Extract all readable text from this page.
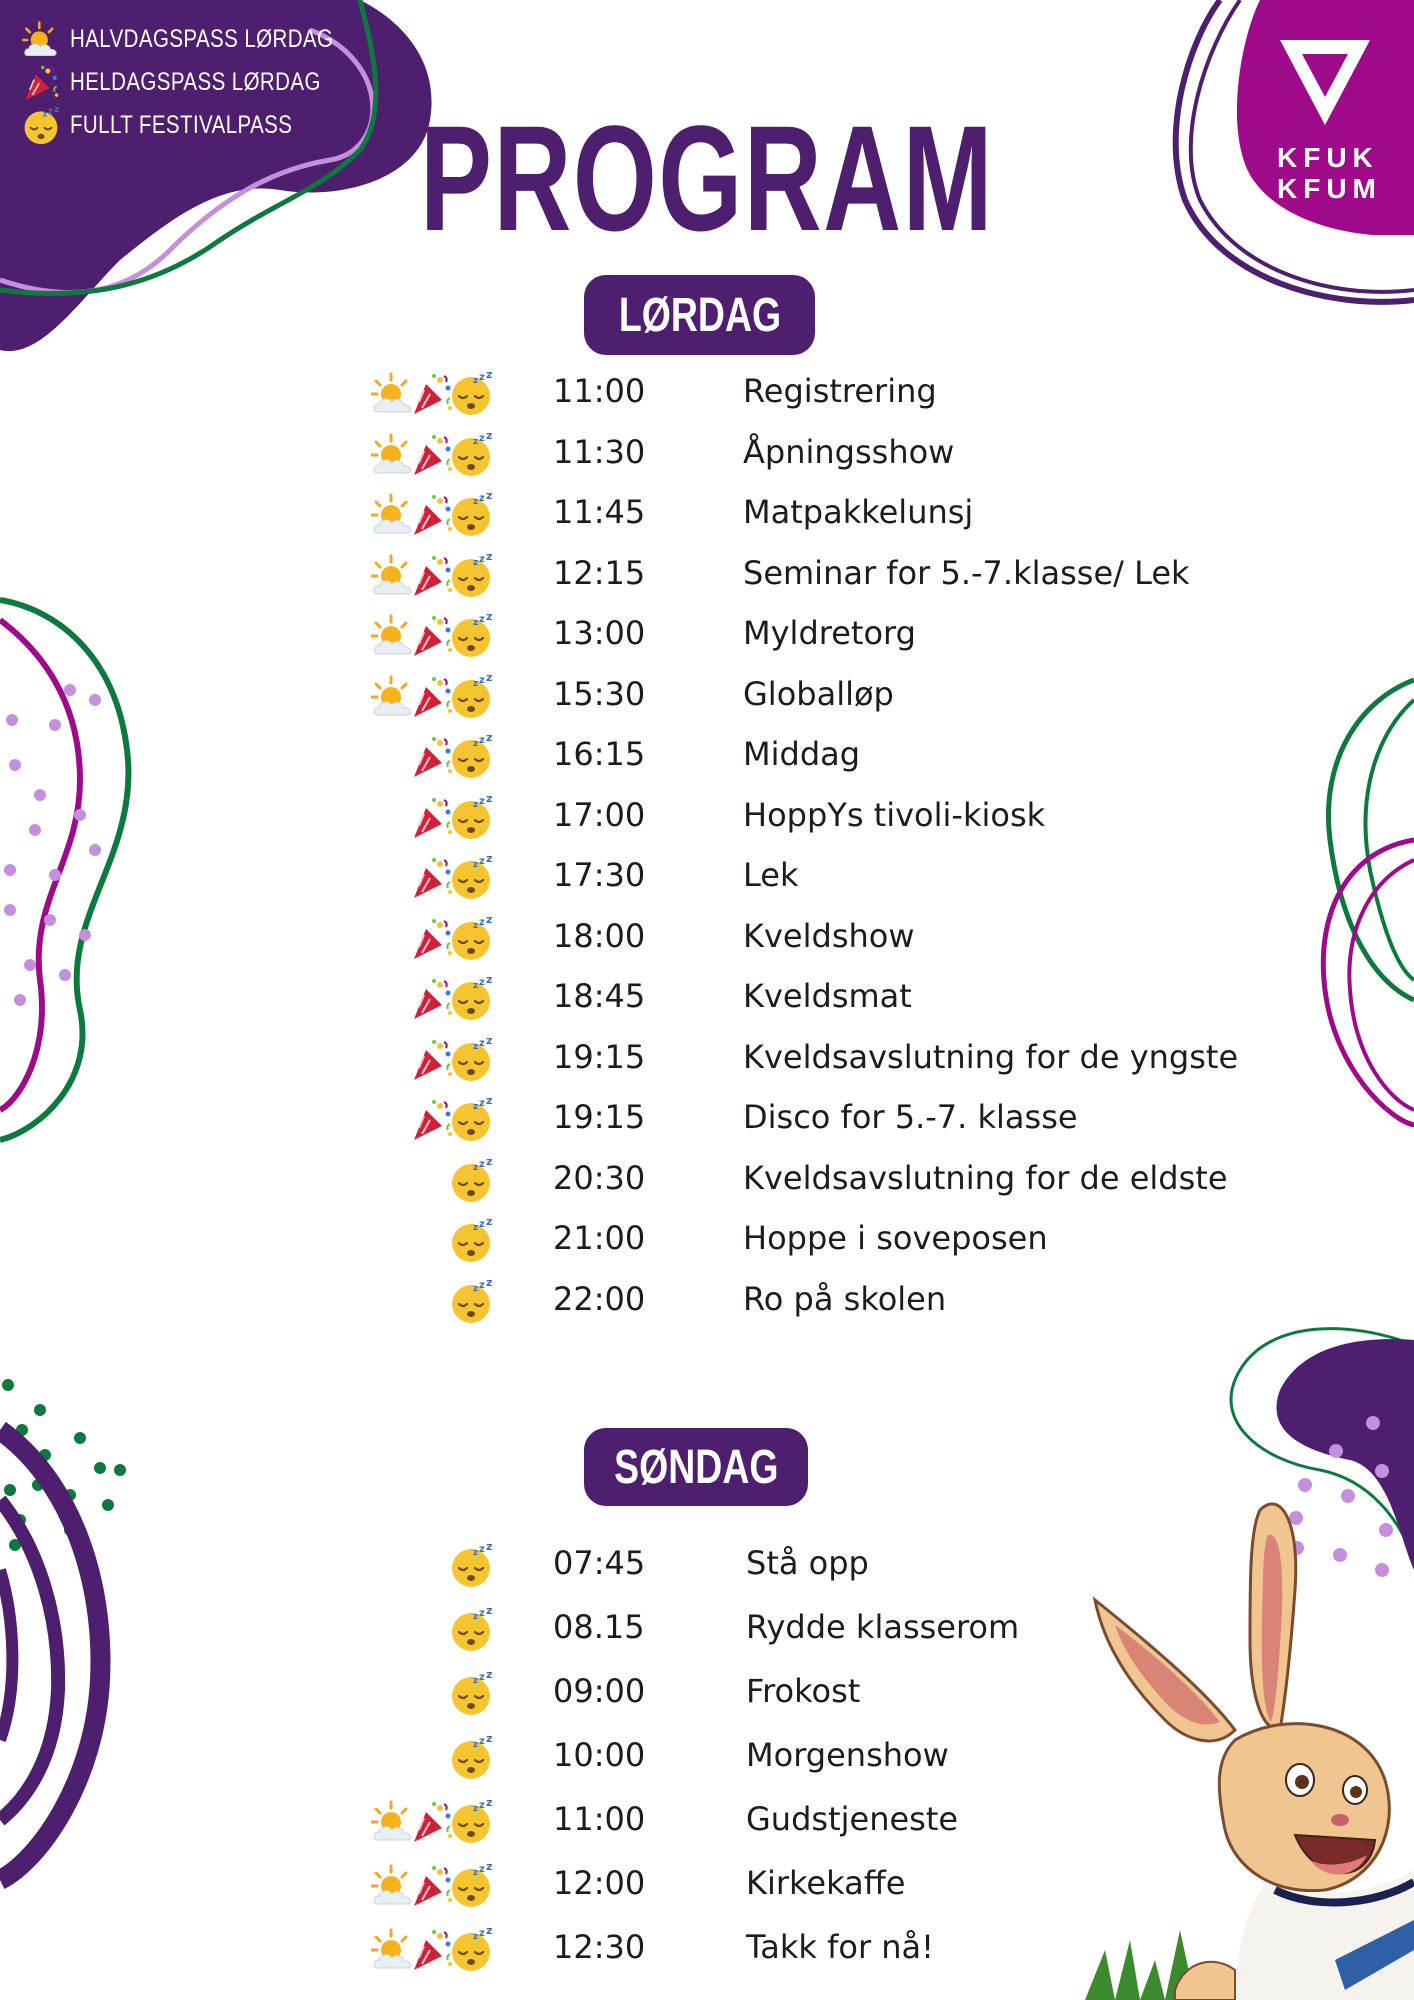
HALVDAGSPASS LØRDAG
HELDAGSPASS LØRDAG
z z z
FULLT FESTIVALPASS
KFUK
KFUM
PROGRAM
LØRDAG
SØNDAG
z z z 11:00	Registrering
z z z 11:30	Åpningsshow
z z z 11:45	Matpakkelunsj
z z z 12:15	Seminar for 5.-7.klasse/ Lek
z z z 13:00	Myldretorg
z z z 15:30	Globalløp
z z z 16:15	Middag
z z z 17:00	HoppYs tivoli-kiosk
z z z 17:30	Lek
z z z 18:00	Kveldshow
z z z 18:45	Kveldsmat
z z z 19:15	Kveldsavslutning for de yngste
z z z 19:15	Disco for 5.-7. klasse
z z z 20:30	Kveldsavslutning for de eldste
z z z 21:00	Hoppe i soveposen
z z z 22:00	Ro på skolen
z z z 07:45	Stå opp
z z z 08.15	Rydde klasserom
z z z 09:00	Frokost
z z z 10:00	Morgenshow
z z z 11:00	Gudstjeneste
z z z 12:00	Kirkekaffe
z z z 12:30	Takk for nå!
